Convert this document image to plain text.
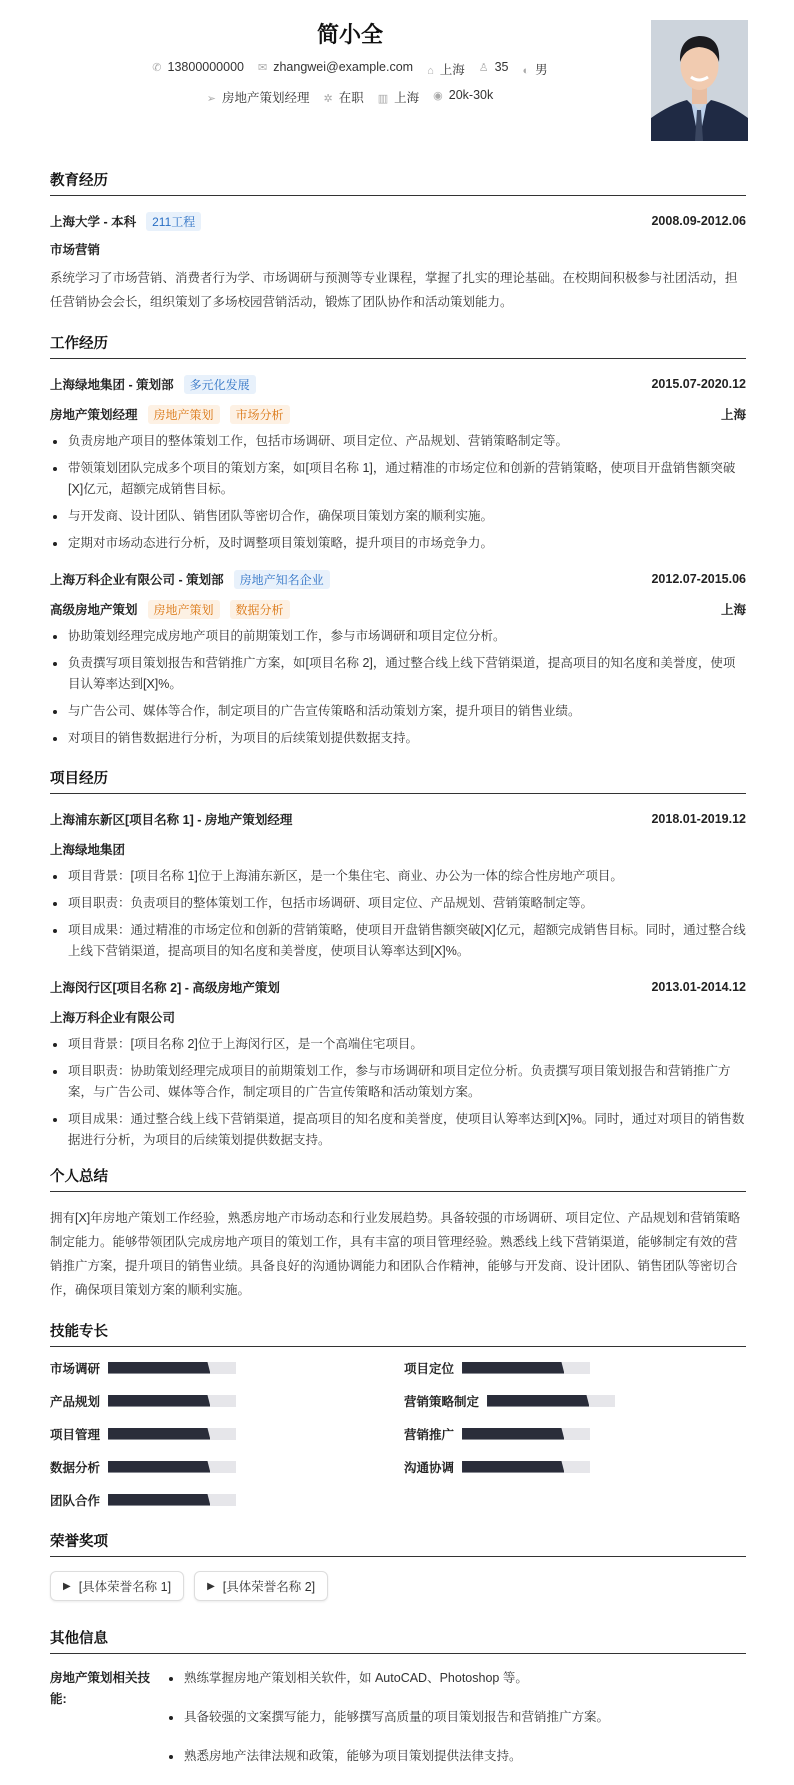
简小全
✆ 13800000000 ✉ zhangwei@example.com ⌂ 上海 ♙ 35 ◐ 男
➢ 房地产策划经理 ✲ 在职 ▥ 上海 ◉ 20k-30k
教育经历
上海大学 - 本科	211工程	2008.09-2012.06
市场营销
系统学习了市场营销、消费者行为学、市场调研与预测等专业课程，掌握了扎实的理论基础。在校期间积极参与社团活动，担任营销协会会长，组织策划了多场校园营销活动，锻炼了团队协作和活动策划能力。
工作经历
上海绿地集团 - 策划部	多元化发展	2015.07-2020.12
房地产策划经理	房地产策划	市场分析	上海
负责房地产项目的整体策划工作，包括市场调研、项目定位、产品规划、营销策略制定等。
带领策划团队完成多个项目的策划方案，如[项目名称 1]，通过精准的市场定位和创新的营销策略，使项目开盘销售额突破[X]亿元，超额完成销售目标。
与开发商、设计团队、销售团队等密切合作，确保项目策划方案的顺利实施。
定期对市场动态进行分析，及时调整项目策划策略，提升项目的市场竞争力。
上海万科企业有限公司 - 策划部	房地产知名企业	2012.07-2015.06
高级房地产策划	房地产策划	数据分析	上海
协助策划经理完成房地产项目的前期策划工作，参与市场调研和项目定位分析。
负责撰写项目策划报告和营销推广方案，如[项目名称 2]，通过整合线上线下营销渠道，提高项目的知名度和美誉度，使项目认筹率达到[X]%。
与广告公司、媒体等合作，制定项目的广告宣传策略和活动策划方案，提升项目的销售业绩。
对项目的销售数据进行分析，为项目的后续策划提供数据支持。
项目经历
上海浦东新区[项目名称 1] - 房地产策划经理	2018.01-2019.12
上海绿地集团
项目背景：[项目名称 1]位于上海浦东新区，是一个集住宅、商业、办公为一体的综合性房地产项目。
项目职责：负责项目的整体策划工作，包括市场调研、项目定位、产品规划、营销策略制定等。
项目成果：通过精准的市场定位和创新的营销策略，使项目开盘销售额突破[X]亿元，超额完成销售目标。同时，通过整合线上线下营销渠道，提高项目的知名度和美誉度，使项目认筹率达到[X]%。
上海闵行区[项目名称 2] - 高级房地产策划	2013.01-2014.12
上海万科企业有限公司
项目背景：[项目名称 2]位于上海闵行区，是一个高端住宅项目。
项目职责：协助策划经理完成项目的前期策划工作，参与市场调研和项目定位分析。负责撰写项目策划报告和营销推广方案，与广告公司、媒体等合作，制定项目的广告宣传策略和活动策划方案。
项目成果：通过整合线上线下营销渠道，提高项目的知名度和美誉度，使项目认筹率达到[X]%。同时，通过对项目的销售数据进行分析，为项目的后续策划提供数据支持。
个人总结
拥有[X]年房地产策划工作经验，熟悉房地产市场动态和行业发展趋势。具备较强的市场调研、项目定位、产品规划和营销策略制定能力。能够带领团队完成房地产项目的策划工作，具有丰富的项目管理经验。熟悉线上线下营销渠道，能够制定有效的营销推广方案，提升项目的销售业绩。具备良好的沟通协调能力和团队合作精神，能够与开发商、设计团队、销售团队等密切合作，确保项目策划方案的顺利实施。
技能专长
市场调研	项目定位
产品规划	营销策略制定
项目管理	营销推广
数据分析	沟通协调
团队合作
荣誉奖项
▶ [具体荣誉名称 1]	▶ [具体荣誉名称 2]
其他信息
房地产策划相关技能:
熟练掌握房地产策划相关软件，如 AutoCAD、Photoshop 等。
具备较强的文案撰写能力，能够撰写高质量的项目策划报告和营销推广方案。
熟悉房地产法律法规和政策，能够为项目策划提供法律支持。
